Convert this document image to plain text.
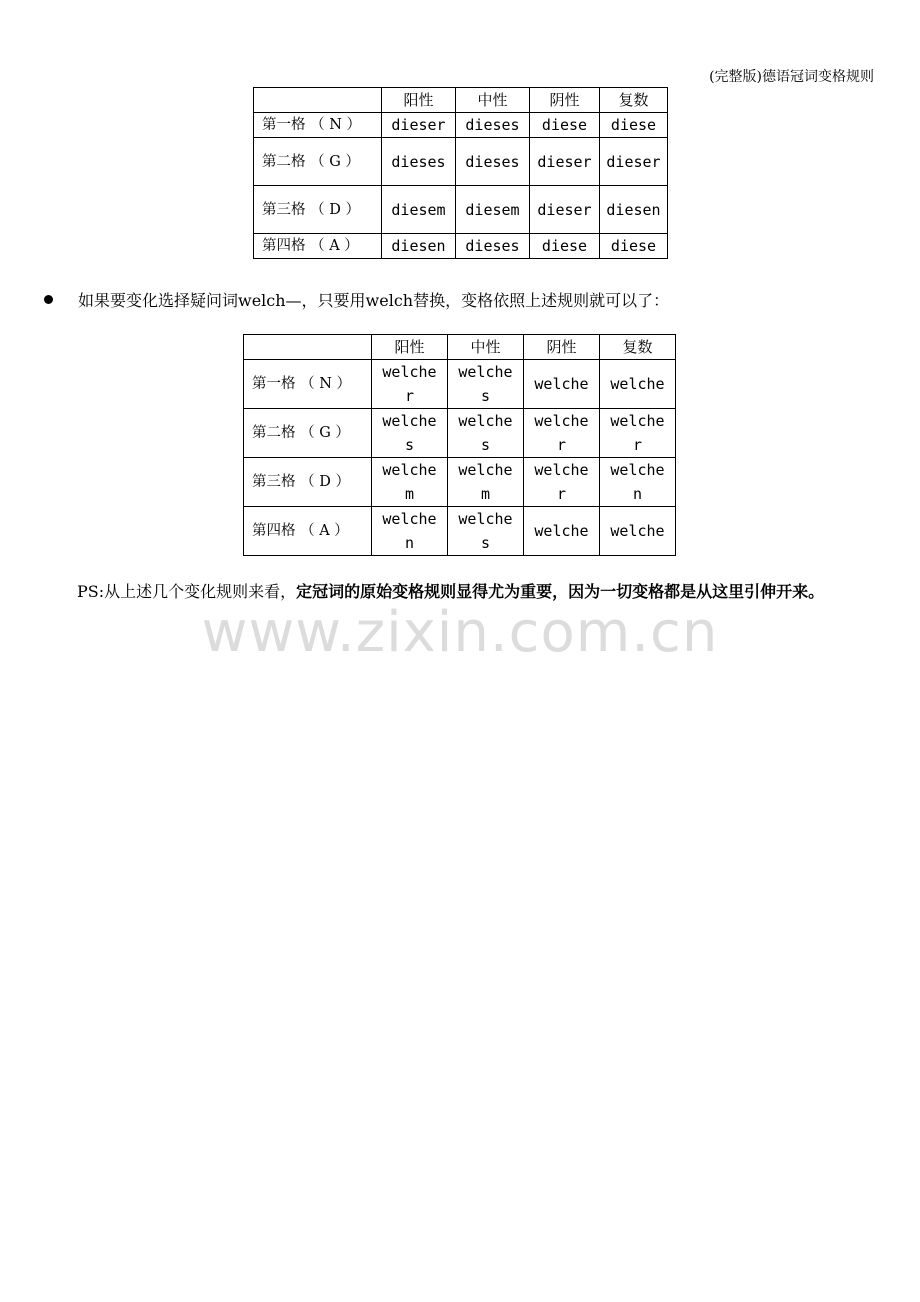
(完整版)德语冠词变格规则
	阳性	中性	阴性	复数
第一格 （ N ）	dieser	dieses	diese	diese
第二格 （ G ）	dieses	dieses	dieser	dieser
第三格 （ D ）	diesem	diesem	dieser	diesen
第四格 （ A ）	diesen	dieses	diese	diese
如果要变化选择疑问词welch—，只要用welch替换，变格依照上述规则就可以了：
	阳性	中性	阴性	复数
第一格 （ N ）	welcher	welches	welche	welche
第二格 （ G ）	welches	welches	welcher	welcher
第三格 （ D ）	welchem	welchem	welcher	welchen
第四格 （ A ）	welchen	welches	welche	welche
PS:从上述几个变化规则来看，定冠词的原始变格规则显得尤为重要，因为一切变格都是从这里引伸开来。
www.zixin.com.cn
